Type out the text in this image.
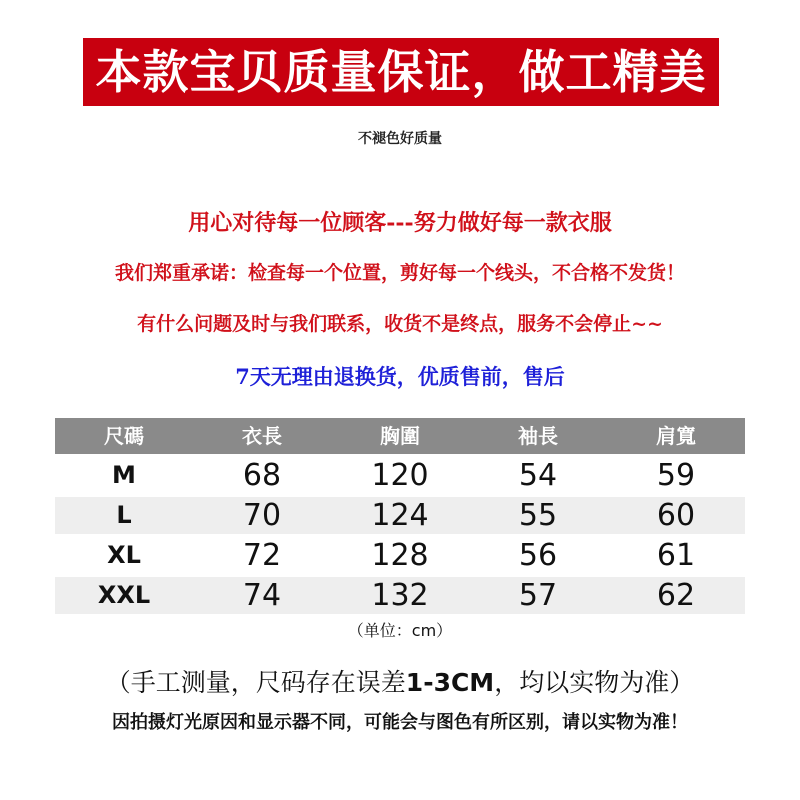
本款宝贝质量保证，做工精美
不褪色好质量
用心对待每一位顾客---努力做好每一款衣服
我们郑重承诺：检查每一个位置，剪好每一个线头，不合格不发货！
有什么问题及时与我们联系，收货不是终点，服务不会停止~~
7天无理由退换货，优质售前，售后
尺碼	衣長	胸圍	袖長	肩寬
M	68	120	54	59
L	70	124	55	60
XL	72	128	56	61
XXL	74	132	57	62
（单位：cm）
（手工测量，尺码存在误差1-3CM，均以实物为准）
因拍摄灯光原因和显示器不同，可能会与图色有所区别，请以实物为准！
